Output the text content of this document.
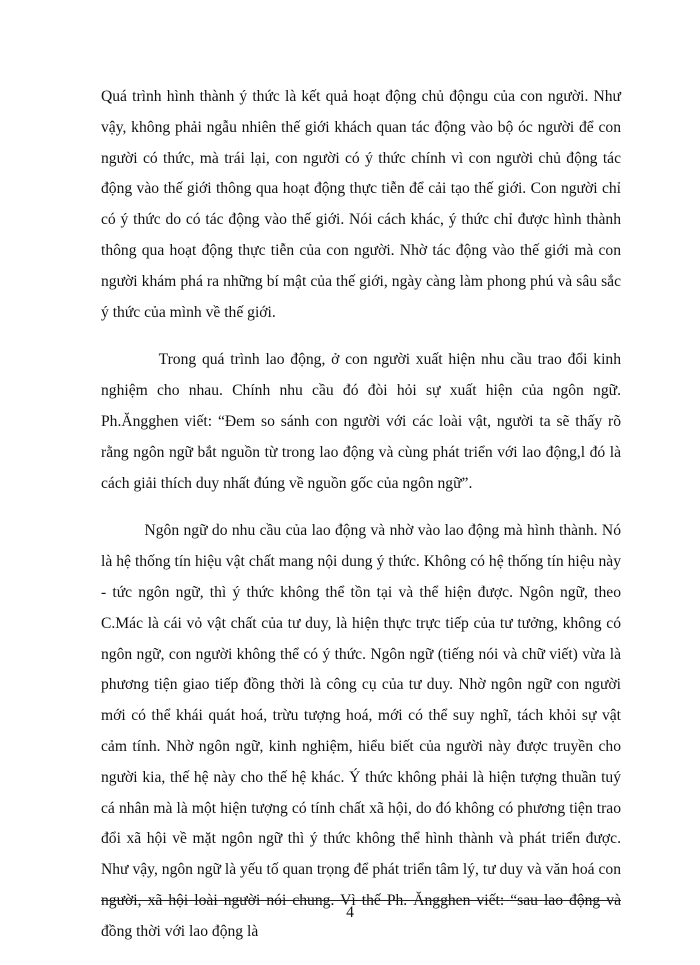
Quá trình hình thành ý thức là kết quả hoạt động chủ độngu của con người. Như vậy, không phải ngẫu nhiên thế giới khách quan tác động vào bộ óc người để con người có thức, mà trái lại, con người có ý thức chính vì con người chủ động tác động vào thế giới thông qua hoạt động thực tiễn để cải tạo thế giới. Con người chỉ có ý thức do có tác động vào thế giới. Nói cách khác, ý thức chỉ được hình thành thông qua hoạt động thực tiễn của con người. Nhờ tác động vào thế giới mà con người khám phá ra những bí mật của thế giới, ngày càng làm phong phú và sâu sắc ý thức của mình về thế giới.

Trong quá trình lao động, ở con người xuất hiện nhu cầu trao đổi kinh nghiệm cho nhau. Chính nhu cầu đó đòi hỏi sự xuất hiện của ngôn ngữ. Ph.Ăngghen viết: “Đem so sánh con người với các loài vật, người ta sẽ thấy rõ rằng ngôn ngữ bắt nguồn từ trong lao động và cùng phát triển với lao động,l đó là cách giải thích duy nhất đúng về nguồn gốc của ngôn ngữ”.

Ngôn ngữ do nhu cầu của lao động và nhờ vào lao động mà hình thành. Nó là hệ thống tín hiệu vật chất mang nội dung ý thức. Không có hệ thống tín hiệu này - tức ngôn ngữ, thì ý thức không thể tồn tại và thể hiện được. Ngôn ngữ, theo C.Mác là cái vỏ vật chất của tư duy, là hiện thực trực tiếp của tư tưởng, không có ngôn ngữ, con người không thể có ý thức. Ngôn ngữ (tiếng nói và chữ viết) vừa là phương tiện giao tiếp đồng thời là công cụ của tư duy. Nhờ ngôn ngữ con người mới có thể khái quát hoá, trừu tượng hoá, mới có thể suy nghĩ, tách khỏi sự vật cảm tính. Nhờ ngôn ngữ, kinh nghiệm, hiểu biết của người này được truyền cho người kia, thế hệ này cho thế hệ khác. Ý thức không phải là hiện tượng thuần tuý cá nhân mà là một hiện tượng có tính chất xã hội, do đó không có phương tiện trao đổi xã hội về mặt ngôn ngữ thì ý thức không thể hình thành và phát triển được. Như vậy, ngôn ngữ là yếu tố quan trọng để phát triển tâm lý, tư duy và văn hoá con người, xã hội loài người nói chung. Vì thế Ph. Ăngghen viết: “sau lao động và đồng thời với lao động là

4
